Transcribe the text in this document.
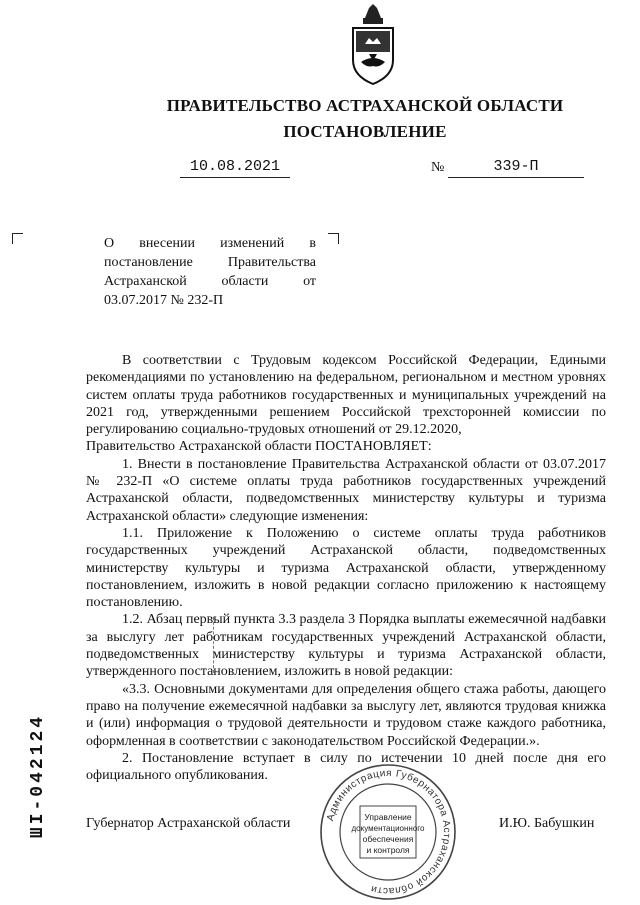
ПРАВИТЕЛЬСТВО АСТРАХАНСКОЙ ОБЛАСТИ
ПОСТАНОВЛЕНИЕ
10.08.2021	№	339-П
О внесении изменений в постановление Правительства Астраханской области от 03.07.2017 № 232-П

В соответствии с Трудовым кодексом Российской Федерации, Едиными рекомендациями по установлению на федеральном, региональном и местном уровнях систем оплаты труда работников государственных и муниципальных учреждений на 2021 год, утвержденными решением Российской трехсторонней комиссии по регулированию социально-трудовых отношений от 29.12.2020,

Правительство Астраханской области ПОСТАНОВЛЯЕТ:

1. Внести в постановление Правительства Астраханской области от 03.07.2017 № 232-П «О системе оплаты труда работников государственных учреждений Астраханской области, подведомственных министерству культуры и туризма Астраханской области» следующие изменения:

1.1. Приложение к Положению о системе оплаты труда работников государственных учреждений Астраханской области, подведомственных министерству культуры и туризма Астраханской области, утвержденному постановлением, изложить в новой редакции согласно приложению к настоящему постановлению.

1.2. Абзац первый пункта 3.3 раздела 3 Порядка выплаты ежемесячной надбавки за выслугу лет работникам государственных учреждений Астраханской области, подведомственных министерству культуры и туризма Астраханской области, утвержденного постановлением, изложить в новой редакции:

«3.3. Основными документами для определения общего стажа работы, дающего право на получение ежемесячной надбавки за выслугу лет, являются трудовая книжка и (или) информация о трудовой деятельности и трудовом стаже каждого работника, оформленная в соответствии с законодательством Российской Федерации.».

2. Постановление вступает в силу по истечении 10 дней после дня его официального опубликования.

ШI-042124	Губернатор Астраханской области	И.Ю. Бабушкин
Администрация Губернатора Астраханской области
Управление
документационного
обеспечения
и контроля
